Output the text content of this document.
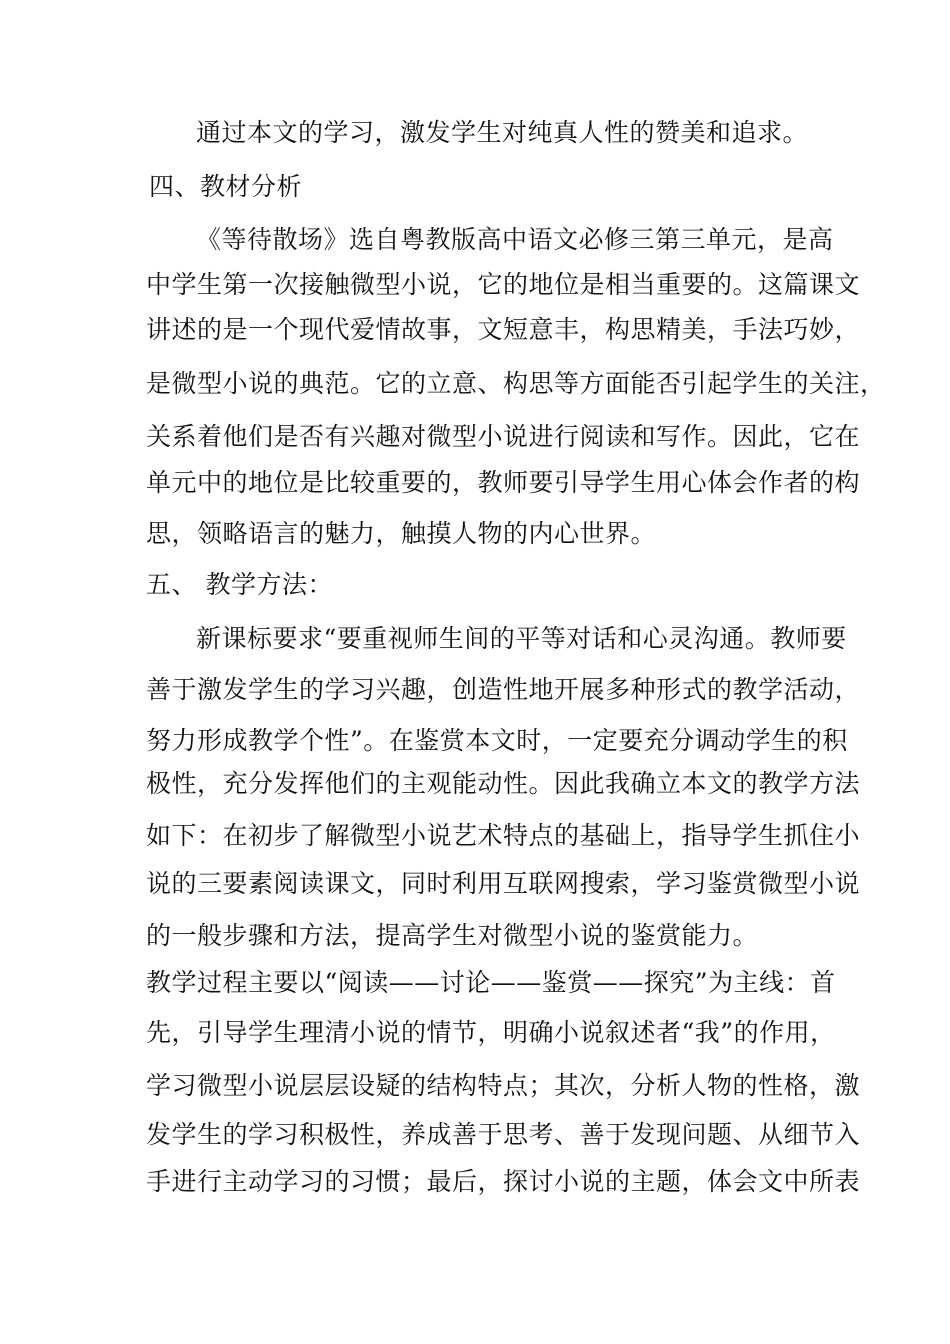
通过本文的学习，激发学生对纯真人性的赞美和追求。
四、教材分析
《等待散场》选自粤教版高中语文必修三第三单元，是高
中学生第一次接触微型小说，它的地位是相当重要的。这篇课文
讲述的是一个现代爱情故事，文短意丰，构思精美，手法巧妙，
是微型小说的典范。它的立意、构思等方面能否引起学生的关注，
关系着他们是否有兴趣对微型小说进行阅读和写作。因此，它在
单元中的地位是比较重要的，教师要引导学生用心体会作者的构
思，领略语言的魅力，触摸人物的内心世界。
五、 教学方法：
新课标要求“要重视师生间的平等对话和心灵沟通。教师要
善于激发学生的学习兴趣，创造性地开展多种形式的教学活动，
努力形成教学个性”。在鉴赏本文时，一定要充分调动学生的积
极性，充分发挥他们的主观能动性。因此我确立本文的教学方法
如下：在初步了解微型小说艺术特点的基础上，指导学生抓住小
说的三要素阅读课文，同时利用互联网搜索，学习鉴赏微型小说
的一般步骤和方法，提高学生对微型小说的鉴赏能力。
教学过程主要以“阅读——讨论——鉴赏——探究”为主线：首
先，引导学生理清小说的情节，明确小说叙述者“我”的作用，
学习微型小说层层设疑的结构特点；其次，分析人物的性格，激
发学生的学习积极性，养成善于思考、善于发现问题、从细节入
手进行主动学习的习惯；最后，探讨小说的主题，体会文中所表
